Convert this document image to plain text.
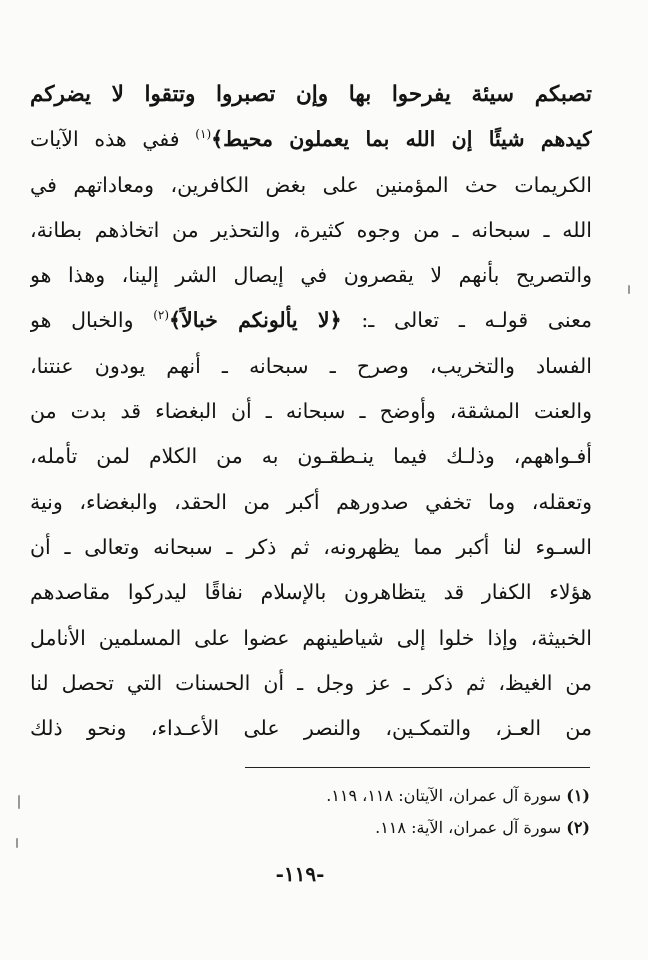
تصبكم سيئة يفرحوا بها وإن تصبروا وتتقوا لا يضركم
كيدهم شيئًا إن الله بما يعملون محيط﴾$^{(١)}$ ففي هذه الآيات
الكريمات حث المؤمنين على بغض الكافرين، ومعاداتهم في
الله ـ سبحانه ـ من وجوه كثيرة، والتحذير من اتخاذهم بطانة،
والتصريح بأنهم لا يقصرون في إيصال الشر إلينا، وهذا هو
معنى قولـه ـ تعالى ـ: ﴿لا يألونكم خبالاً﴾$^{(٢)}$ والخبال هو
الفساد والتخريب، وصرح ـ سبحانه ـ أنهم يودون عنتنا،
والعنت المشقة، وأوضح ـ سبحانه ـ أن البغضاء قد بدت من
أفـواههم، وذلـك فيما ينـطقـون به من الكلام لمن تأمله،
وتعقله، وما تخفي صدورهم أكبر من الحقد، والبغضاء، ونية
السـوء لنا أكبر مما يظهرونه، ثم ذكر ـ سبحانه وتعالى ـ أن
هؤلاء الكفار قد يتظاهرون بالإسلام نفاقًا ليدركوا مقاصدهم
الخبيثة، وإذا خلوا إلى شياطينهم عضوا على المسلمين الأنامل
من الغيظ، ثم ذكر ـ عز وجل ـ أن الحسنات التي تحصل لنا
من العـز، والتمكـين، والنصر على الأعـداء، ونحو ذلك
(١) سورة آل عمران، الآيتان: ١١٨، ١١٩.
(٢) سورة آل عمران، الآية: ١١٨.
-١١٩-
